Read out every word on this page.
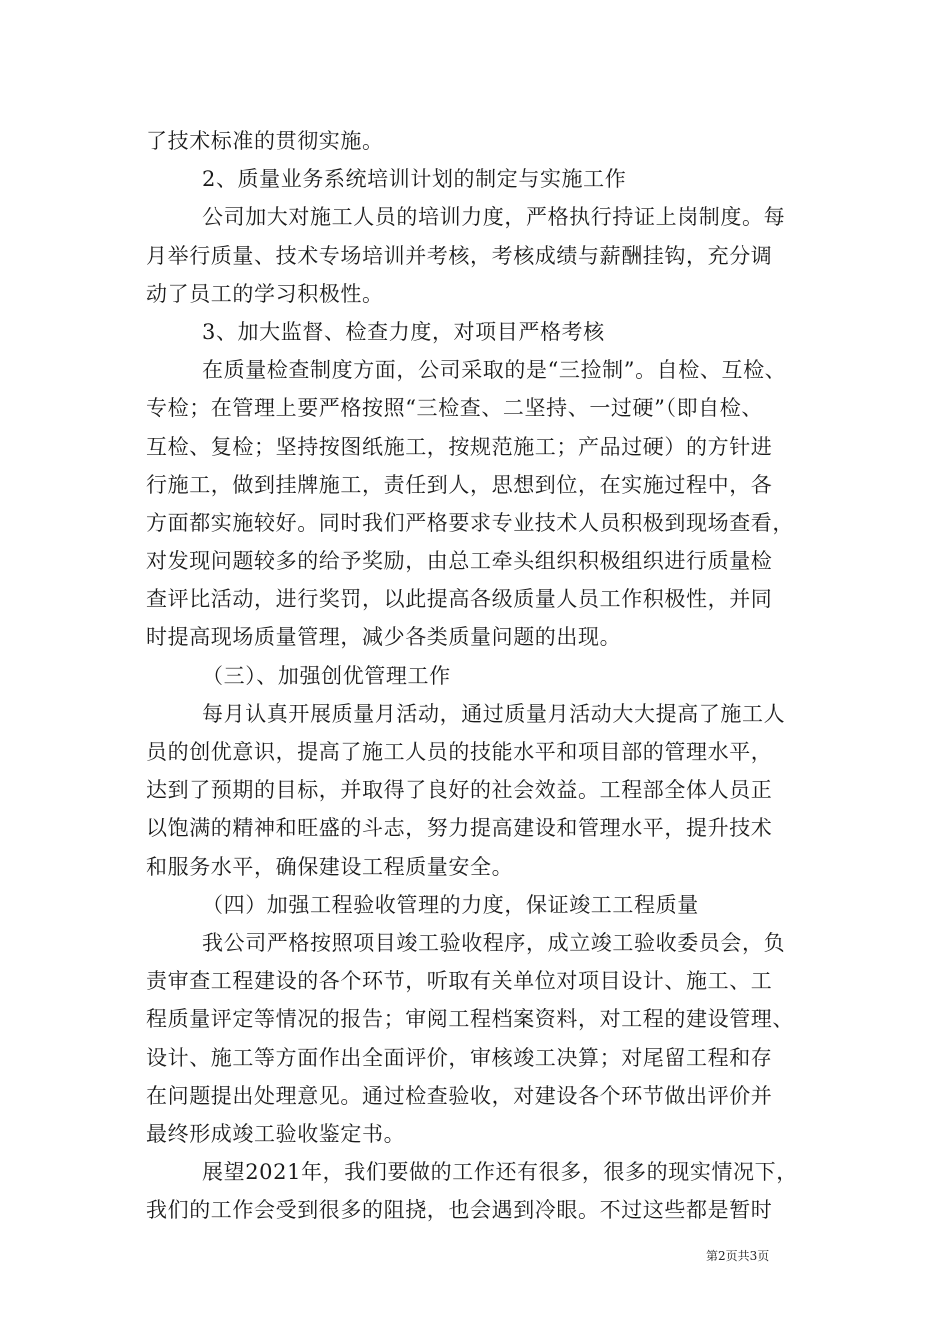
了技术标准的贯彻实施。
2、质量业务系统培训计划的制定与实施工作
公司加大对施工人员的培训力度，严格执行持证上岗制度。每
月举行质量、技术专场培训并考核，考核成绩与薪酬挂钩，充分调
动了员工的学习积极性。
3、加大监督、检查力度，对项目严格考核
在质量检查制度方面，公司采取的是“三捡制”。自检、互检、
专检；在管理上要严格按照“三检查、二坚持、一过硬”（即自检、
互检、复检；坚持按图纸施工，按规范施工；产品过硬）的方针进
行施工，做到挂牌施工，责任到人，思想到位，在实施过程中，各
方面都实施较好。同时我们严格要求专业技术人员积极到现场查看，
对发现问题较多的给予奖励，由总工牵头组织积极组织进行质量检
查评比活动，进行奖罚，以此提高各级质量人员工作积极性，并同
时提高现场质量管理，减少各类质量问题的出现。
（三）、加强创优管理工作
每月认真开展质量月活动，通过质量月活动大大提高了施工人
员的创优意识，提高了施工人员的技能水平和项目部的管理水平，
达到了预期的目标，并取得了良好的社会效益。工程部全体人员正
以饱满的精神和旺盛的斗志，努力提高建设和管理水平，提升技术
和服务水平，确保建设工程质量安全。
（四）加强工程验收管理的力度，保证竣工工程质量
我公司严格按照项目竣工验收程序，成立竣工验收委员会，负
责审查工程建设的各个环节，听取有关单位对项目设计、施工、工
程质量评定等情况的报告；审阅工程档案资料，对工程的建设管理、
设计、施工等方面作出全面评价，审核竣工决算；对尾留工程和存
在问题提出处理意见。通过检查验收，对建设各个环节做出评价并
最终形成竣工验收鉴定书。
展望2021年，我们要做的工作还有很多，很多的现实情况下，
我们的工作会受到很多的阻挠，也会遇到冷眼。不过这些都是暂时
第2页共3页
